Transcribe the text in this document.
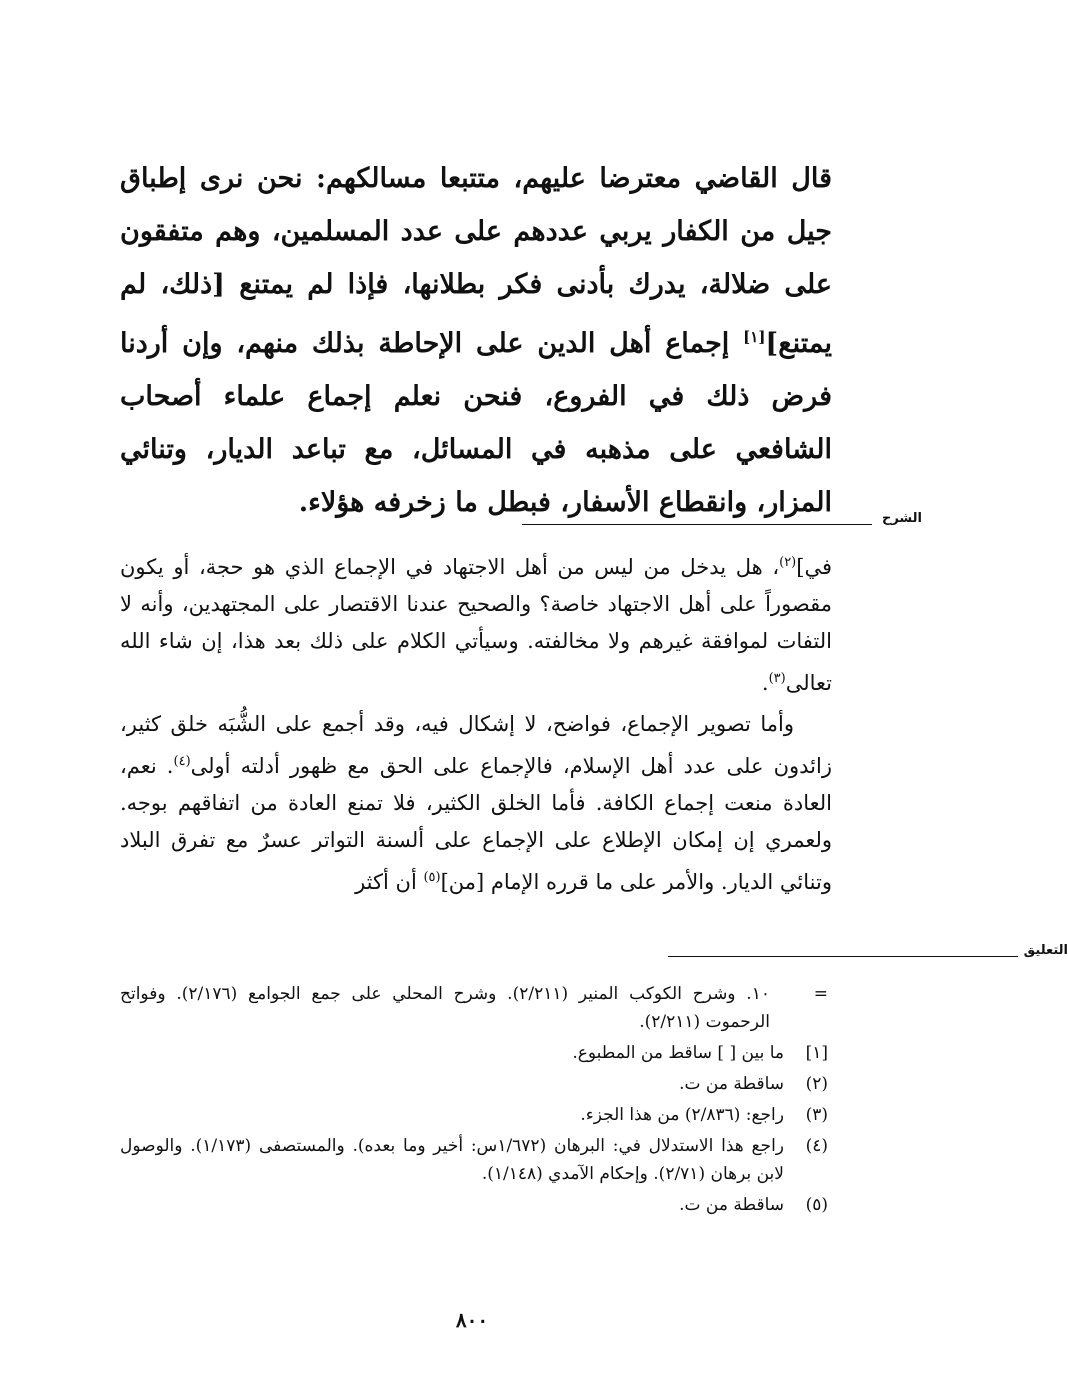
قال القاضي معترضا عليهم، متتبعا مسالكهم: نحن نرى إطباق جيل من الكفار يربي عددهم على عدد المسلمين، وهم متفقون على ضلالة، يدرك بأدنى فكر بطلانها، فإذا لم يمتنع [ذلك، لم يمتنع][١] إجماع أهل الدين على الإحاطة بذلك منهم، وإن أردنا فرض ذلك في الفروع، فنحن نعلم إجماع علماء أصحاب الشافعي على مذهبه في المسائل، مع تباعد الديار، وتنائي المزار، وانقطاع الأسفار، فبطل ما زخرفه هؤلاء.

الشرح

في]$^{(٢)}$، هل يدخل من ليس من أهل الاجتهاد في الإجماع الذي هو حجة، أو يكون مقصوراً على أهل الاجتهاد خاصة؟ والصحيح عندنا الاقتصار على المجتهدين، وأنه لا التفات لموافقة غيرهم ولا مخالفته. وسيأتي الكلام على ذلك بعد هذا، إن شاء الله تعالى$^{(٣)}$.

وأما تصوير الإجماع، فواضح، لا إشكال فيه، وقد أجمع على الشُّبَه خلق كثير، زائدون على عدد أهل الإسلام، فالإجماع على الحق مع ظهور أدلته أولى$^{(٤)}$. نعم، العادة منعت إجماع الكافة. فأما الخلق الكثير، فلا تمنع العادة من اتفاقهم بوجه. ولعمري إن إمكان الإطلاع على الإجماع على ألسنة التواتر عسرٌ مع تفرق البلاد وتنائي الديار. والأمر على ما قرره الإمام [من]$^{(٥)}$ أن أكثر

التعليق
=
١٠. وشرح الكوكب المنير (٢/٢١١). وشرح المحلي على جمع الجوامع (٢/١٧٦). وفواتح الرحموت (٢/٢١١).
[١]
ما بين [ ] ساقط من المطبوع.
(٢)
ساقطة من ت.
(٣)
راجع: (٢/٨٣٦) من هذا الجزء.
(٤)
راجع هذا الاستدلال في: البرهان (١/٦٧٢س: أخير وما بعده). والمستصفى (١/١٧٣). والوصول لابن برهان (٢/٧١). وإحكام الآمدي (١/١٤٨).
(٥)
ساقطة من ت.
٨٠٠
